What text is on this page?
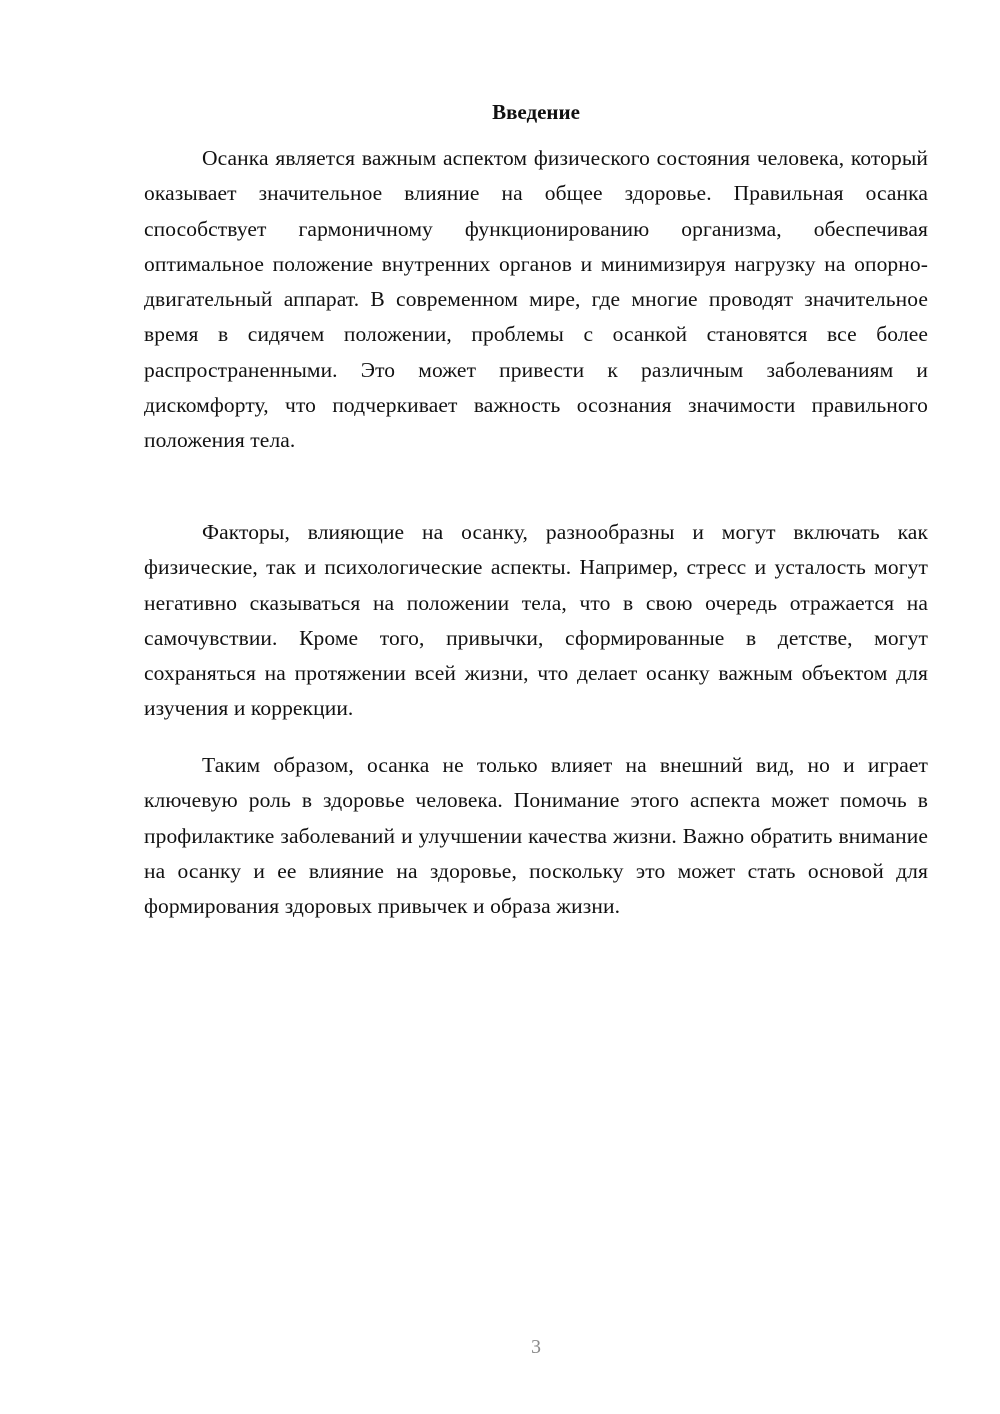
Введение

Осанка является важным аспектом физического состояния человека, который оказывает значительное влияние на общее здоровье. Правильная осанка способствует гармоничному функционированию организма, обеспечивая оптимальное положение внутренних органов и минимизируя нагрузку на опорно-двигательный аппарат. В современном мире, где многие проводят значительное время в сидячем положении, проблемы с осанкой становятся все более распространенными. Это может привести к различным заболеваниям и дискомфорту, что подчеркивает важность осознания значимости правильного положения тела.

Факторы, влияющие на осанку, разнообразны и могут включать как физические, так и психологические аспекты. Например, стресс и усталость могут негативно сказываться на положении тела, что в свою очередь отражается на самочувствии. Кроме того, привычки, сформированные в детстве, могут сохраняться на протяжении всей жизни, что делает осанку важным объектом для изучения и коррекции.

Таким образом, осанка не только влияет на внешний вид, но и играет ключевую роль в здоровье человека. Понимание этого аспекта может помочь в профилактике заболеваний и улучшении качества жизни. Важно обратить внимание на осанку и ее влияние на здоровье, поскольку это может стать основой для формирования здоровых привычек и образа жизни.

3
